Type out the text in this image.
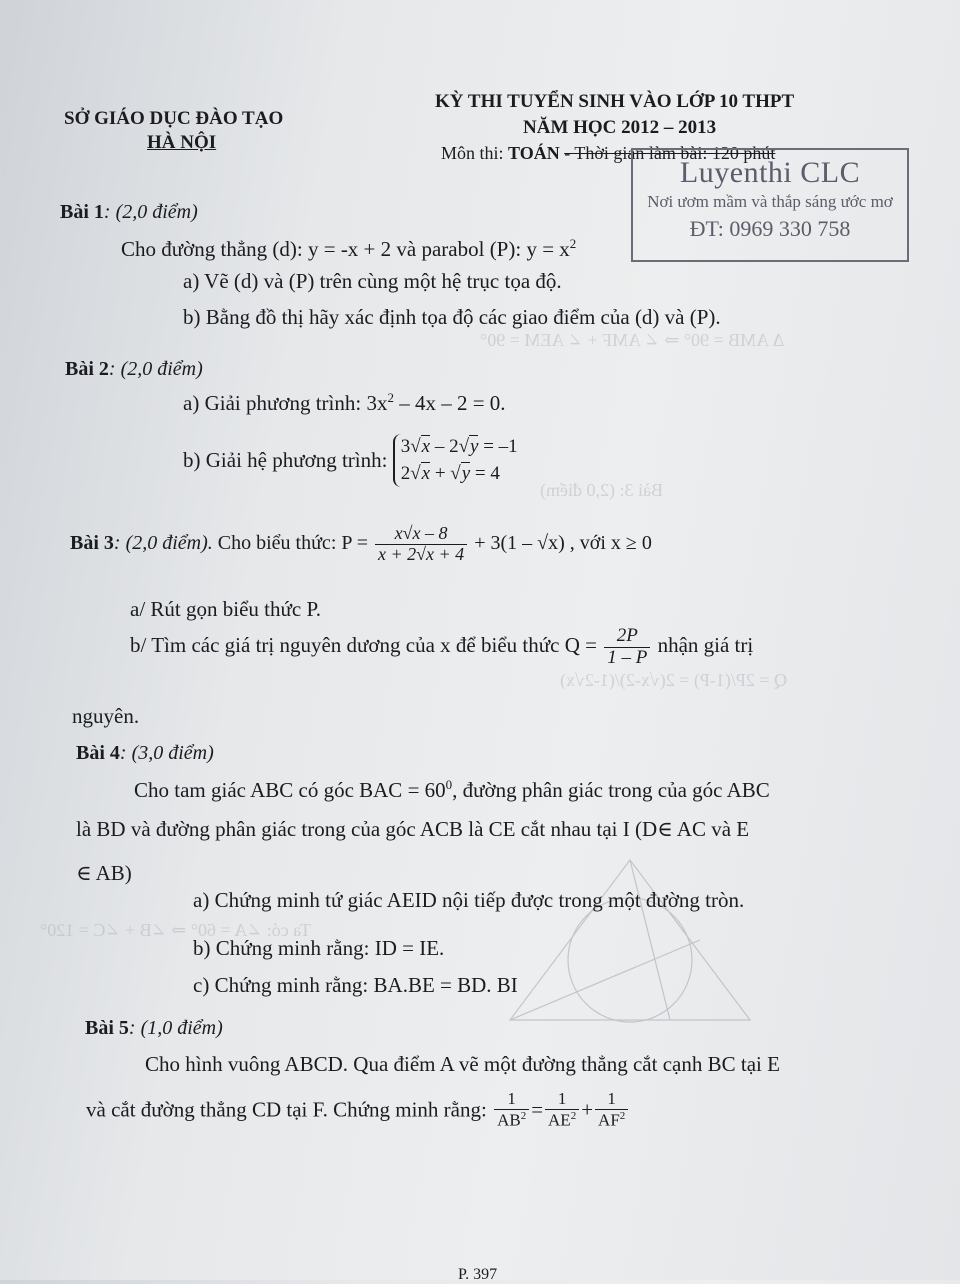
Δ AMB = 90° ⇒ ∠ AMF + ∠ AEM = 90°
Bài 3: (2,0 điểm)
Q = 2P/(1-P) = 2(√x-2)/(1-2√x)
Ta có: ∠A = 60° ⇒ ∠B + ∠C = 120°
SỞ GIÁO DỤC ĐÀO TẠO
HÀ NỘI
KỲ THI TUYỂN SINH VÀO LỚP 10 THPT
NĂM HỌC 2012 – 2013
Môn thi: TOÁN - Thời gian làm bài: 120 phút
Luyenthi CLC
Nơi ươm mầm và thắp sáng ước mơ
ĐT: 0969 330 758
Bài 1: (2,0 điểm)
Cho đường thẳng (d): y = -x + 2 và parabol (P): $y = x^2$
a) Vẽ (d) và (P) trên cùng một hệ trục tọa độ.
b) Bằng đồ thị hãy xác định tọa độ các giao điểm của (d) và (P).
Bài 2: (2,0 điểm)
a) Giải phương trình: $3x^2 - 4x - 2 = 0$.
b) Giải hệ phương trình:
3√x – 2√y = –1
2√x + √y = 4
Bài 3: (2,0 điểm). Cho biểu thức: $P = \frac{x√x - 8}{x + 2√x + 4} + 3(1 - √x)$ , với x ≥ 0
a/ Rút gọn biểu thức P.
b/ Tìm các giá trị nguyên dương của x để biểu thức $Q = \frac{2P}{1 - P}$ nhận giá trị
nguyên.
Bài 4: (3,0 điểm)
Cho tam giác ABC có góc BAC = $60^0$, đường phân giác trong của góc ABC
là BD và đường phân giác trong của góc ACB là CE cắt nhau tại I (D∈ AC và E
∈ AB)
a) Chứng minh tứ giác AEID nội tiếp được trong một đường tròn.
b) Chứng minh rằng: ID = IE.
c) Chứng minh rằng: BA.BE = BD. BI
Bài 5: (1,0 điểm)
Cho hình vuông ABCD. Qua điểm A vẽ một đường thẳng cắt cạnh BC tại E
và cắt đường thẳng CD tại F. Chứng minh rằng: $\frac{1}{AB^2} = \frac{1}{AE^2} + \frac{1}{AF^2}$
P. 397
